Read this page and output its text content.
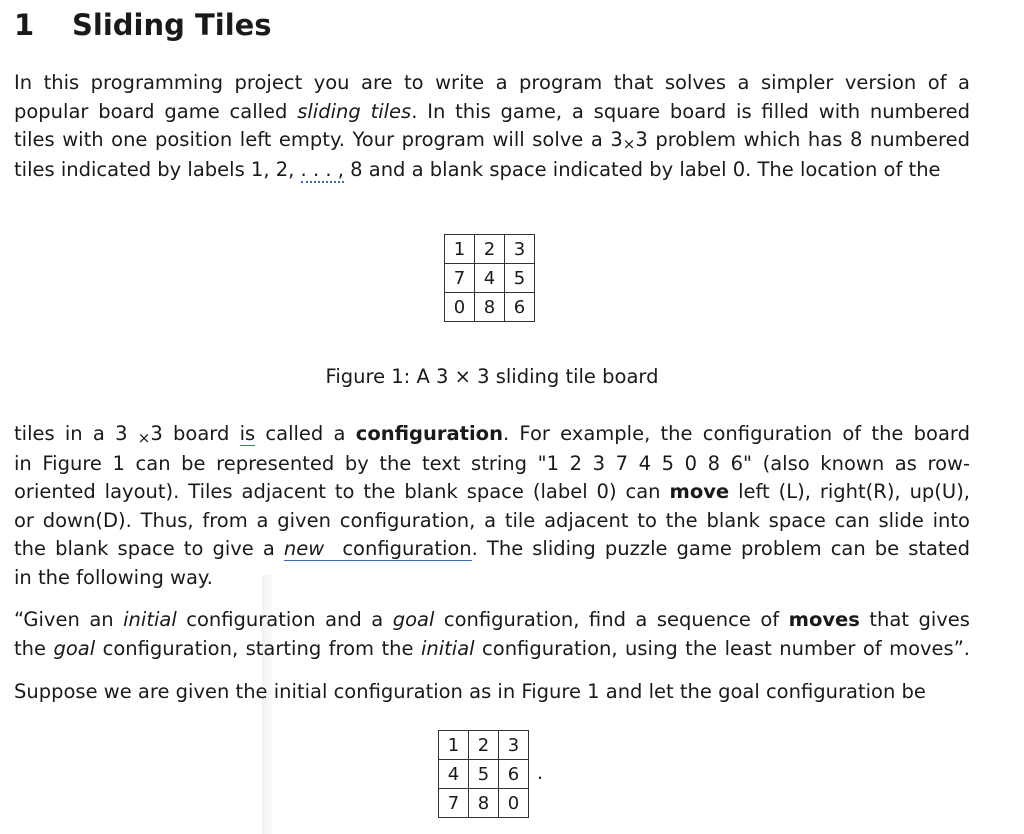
1 Sliding Tiles
In this programming project you are to write a program that solves a simpler version of a
popular board game called sliding tiles. In this game, a square board is filled with numbered
tiles with one position left empty. Your program will solve a 3×3 problem which has 8 numbered
tiles indicated by labels 1, 2, . . . , 8 and a blank space indicated by label 0. The location of the
1	2	3
7	4	5
0	8	6
Figure 1: A 3 × 3 sliding tile board
tiles in a 3 ×3 board is called a configuration. For example, the configuration of the board
in Figure 1 can be represented by the text string "1 2 3 7 4 5 0 8 6" (also known as row-
oriented layout). Tiles adjacent to the blank space (label 0) can move left (L), right(R), up(U),
or down(D). Thus, from a given configuration, a tile adjacent to the blank space can slide into
the blank space to give a new  configuration. The sliding puzzle game problem can be stated
in the following way.
“Given an initial configuration and a goal configuration, find a sequence of moves that gives
the goal configuration, starting from the initial configuration, using the least number of moves”.
Suppose we are given the initial configuration as in Figure 1 and let the goal configuration be
1	2	3
4	5	6
7	8	0
.
